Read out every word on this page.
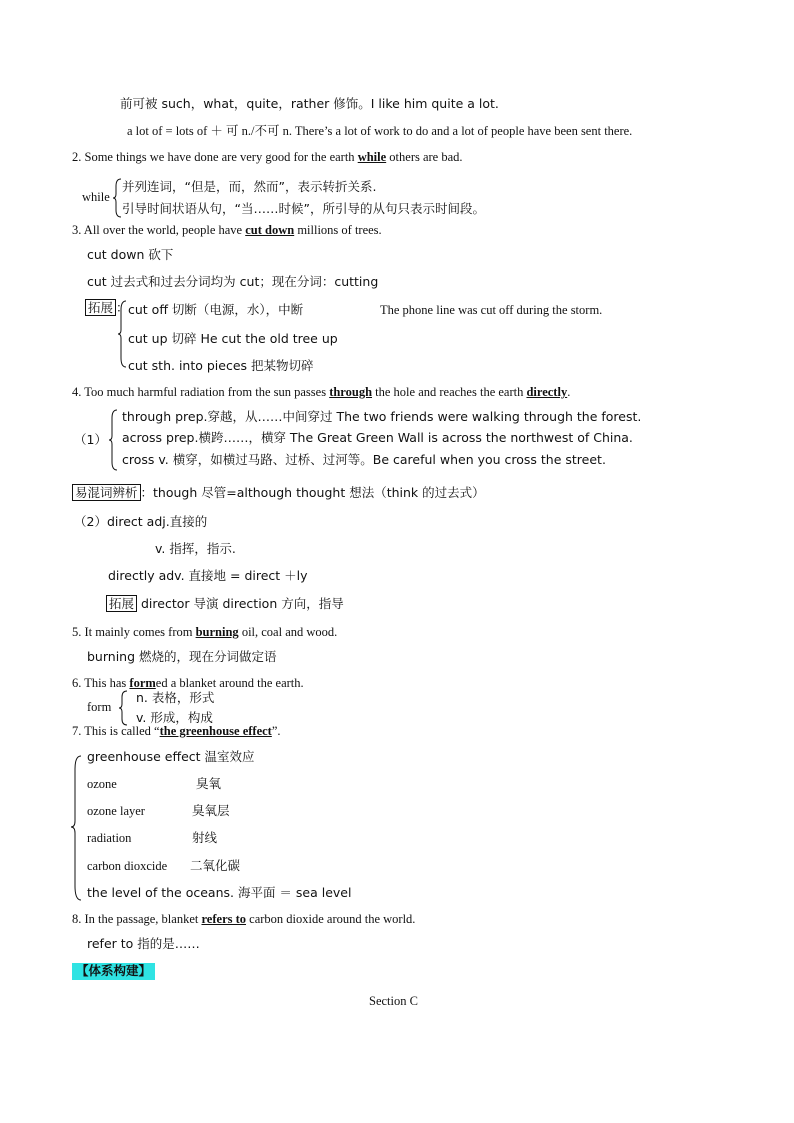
前可被 such，what，quite，rather 修饰。I like him quite a lot.
a lot of = lots of ＋ 可 n./不可 n. There’s a lot of work to do and a lot of people have been sent there.
2. Some things we have done are very good for the earth while others are bad.
while
并列连词，“但是，而，然而”，表示转折关系.
引导时间状语从句，“当……时候”，所引导的从句只表示时间段。
3. All over the world, people have cut down millions of trees.
cut down 砍下
cut 过去式和过去分词均为 cut；现在分词：cutting
拓展 ： cut off 切断（电源，水），中断	The phone line was cut off during the storm.
cut up 切碎 He cut the old tree up
cut sth. into pieces 把某物切碎
4. Too much harmful radiation from the sun passes through the hole and reaches the earth directly.
（1）
through prep.穿越，从……中间穿过 The two friends were walking through the forest.
across prep.横跨……，横穿 The Great Green Wall is across the northwest of China.
cross v. 横穿，如横过马路、过桥、过河等。Be careful when you cross the street.
易混词辨析 ：though 尽管=although thought 想法（think 的过去式）
（2）direct adj.直接的
v. 指挥，指示.
directly adv. 直接地 = direct ＋ly
拓展 director 导演 direction 方向，指导
5. It mainly comes from burning oil, coal and wood.
burning 燃烧的，现在分词做定语
6. This has formed a blanket around the earth.
form
n. 表格，形式
v. 形成，构成
7. This is called “the greenhouse effect”.
greenhouse effect 温室效应
ozone	臭氧
ozone layer	臭氧层
radiation	射线
carbon dioxcide 二氧化碳
the level of the oceans. 海平面 ＝ sea level
8. In the passage, blanket refers to carbon dioxide around the world.
refer to 指的是……
【体系构建】
Section C
